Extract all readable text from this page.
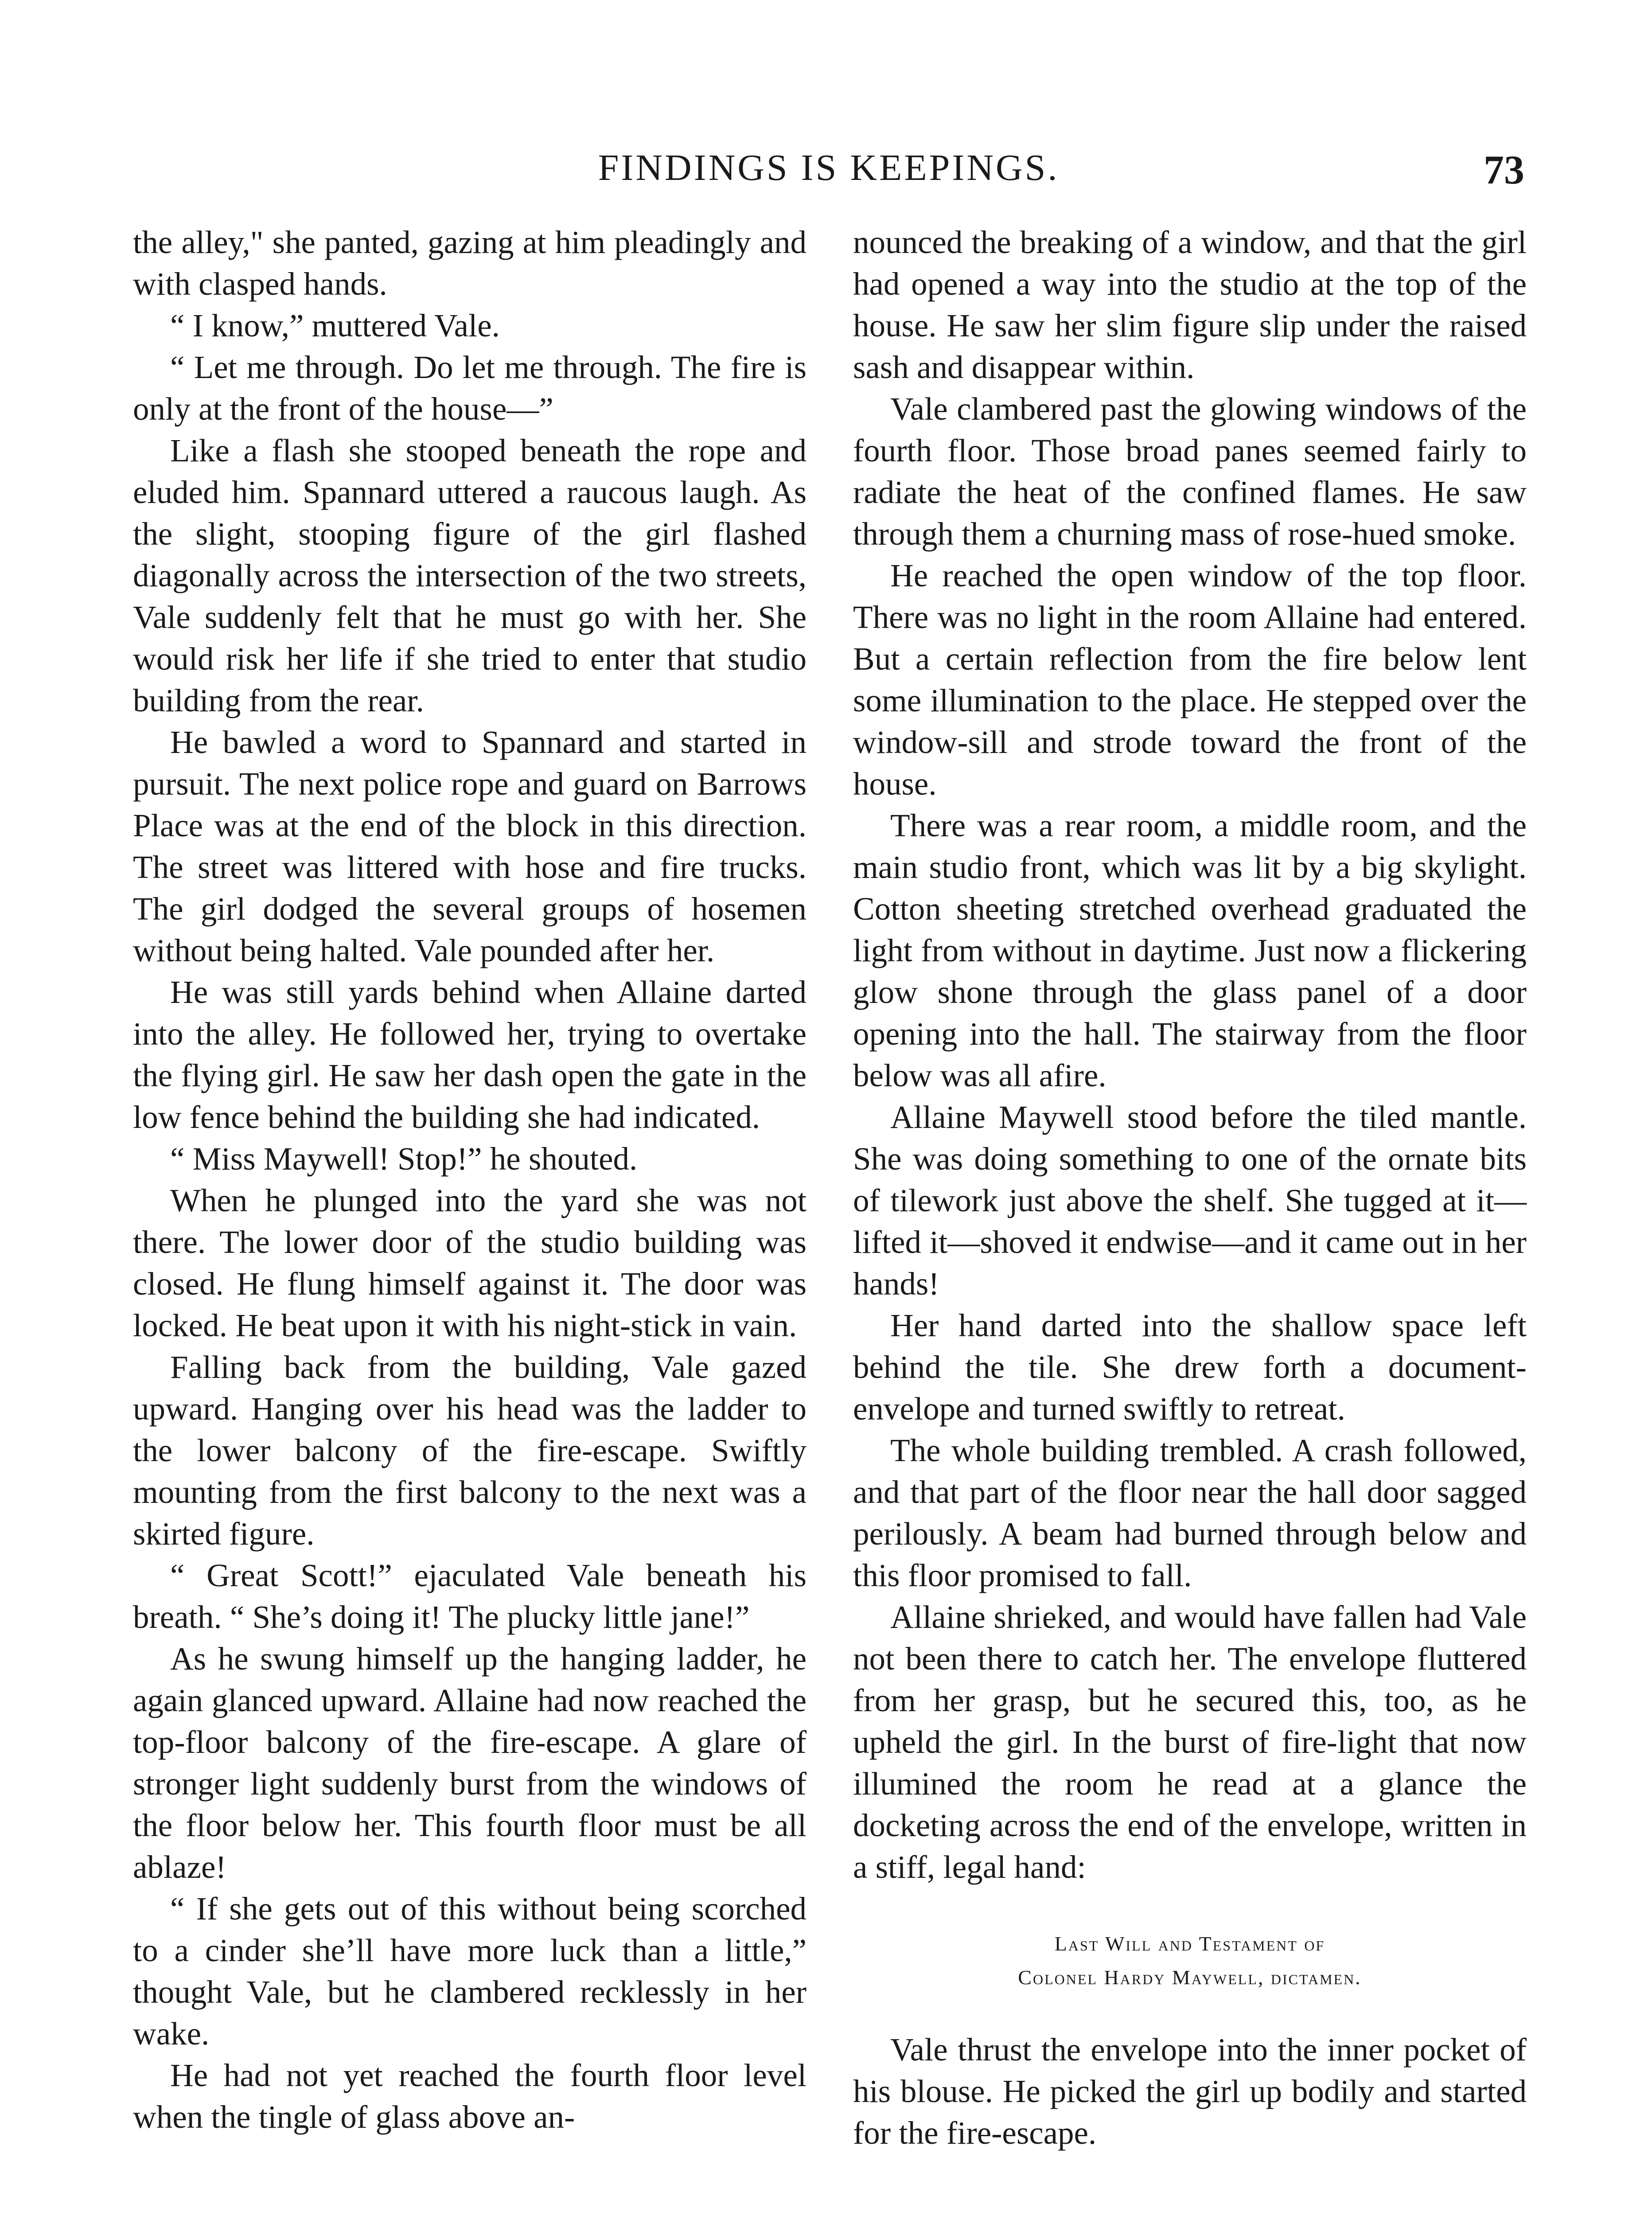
FINDINGS IS KEEPINGS.	73

the alley," she panted, gazing at him pleadingly and with clasped hands.

“ I know,” muttered Vale.

“ Let me through. Do let me through. The fire is only at the front of the house—”

Like a flash she stooped beneath the rope and eluded him. Spannard uttered a raucous laugh. As the slight, stooping figure of the girl flashed diagonally across the intersection of the two streets, Vale suddenly felt that he must go with her. She would risk her life if she tried to enter that studio building from the rear.

He bawled a word to Spannard and started in pursuit. The next police rope and guard on Barrows Place was at the end of the block in this direction. The street was littered with hose and fire trucks. The girl dodged the several groups of hosemen without being halted. Vale pounded after her.

He was still yards behind when Allaine darted into the alley. He followed her, trying to overtake the flying girl. He saw her dash open the gate in the low fence behind the building she had indicated.

“ Miss Maywell! Stop!” he shouted.

When he plunged into the yard she was not there. The lower door of the studio building was closed. He flung himself against it. The door was locked. He beat upon it with his night-stick in vain.

Falling back from the building, Vale gazed upward. Hanging over his head was the ladder to the lower balcony of the fire-escape. Swiftly mounting from the first balcony to the next was a skirted figure.

“ Great Scott!” ejaculated Vale beneath his breath. “ She’s doing it! The plucky little jane!”

As he swung himself up the hanging ladder, he again glanced upward. Allaine had now reached the top-floor balcony of the fire-escape. A glare of stronger light suddenly burst from the windows of the floor below her. This fourth floor must be all ablaze!

“ If she gets out of this without being scorched to a cinder she’ll have more luck than a little,” thought Vale, but he clambered recklessly in her wake.

He had not yet reached the fourth floor level when the tingle of glass above an-

nounced the breaking of a window, and that the girl had opened a way into the studio at the top of the house. He saw her slim figure slip under the raised sash and disappear within.

Vale clambered past the glowing windows of the fourth floor. Those broad panes seemed fairly to radiate the heat of the confined flames. He saw through them a churning mass of rose-hued smoke.

He reached the open window of the top floor. There was no light in the room Allaine had entered. But a certain reflection from the fire below lent some illumination to the place. He stepped over the window-sill and strode toward the front of the house.

There was a rear room, a middle room, and the main studio front, which was lit by a big skylight. Cotton sheeting stretched overhead graduated the light from without in daytime. Just now a flickering glow shone through the glass panel of a door opening into the hall. The stairway from the floor below was all afire.

Allaine Maywell stood before the tiled mantle. She was doing something to one of the ornate bits of tilework just above the shelf. She tugged at it—lifted it—shoved it endwise—and it came out in her hands!

Her hand darted into the shallow space left behind the tile. She drew forth a document-envelope and turned swiftly to retreat.

The whole building trembled. A crash followed, and that part of the floor near the hall door sagged perilously. A beam had burned through below and this floor promised to fall.

Allaine shrieked, and would have fallen had Vale not been there to catch her. The envelope fluttered from her grasp, but he secured this, too, as he upheld the girl. In the burst of fire-light that now illumined the room he read at a glance the docketing across the end of the envelope, written in a stiff, legal hand:

Last Will and Testament of
Colonel Hardy Maywell, dictamen.

Vale thrust the envelope into the inner pocket of his blouse. He picked the girl up bodily and started for the fire-escape.
